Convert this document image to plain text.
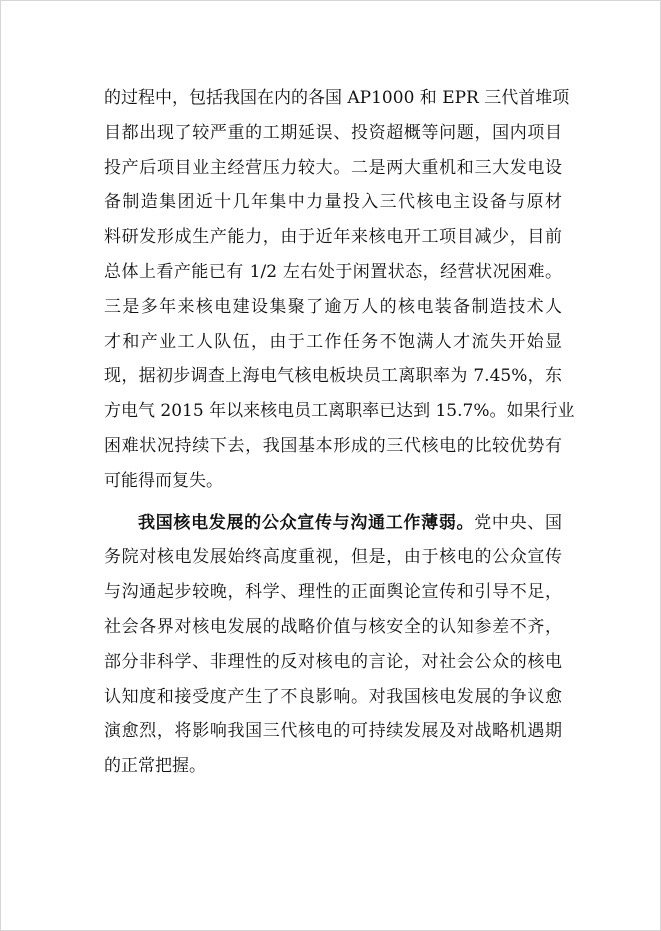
的过程中，包括我国在内的各国 AP1000 和 EPR 三代首堆项
目都出现了较严重的工期延误、投资超概等问题，国内项目
投产后项目业主经营压力较大。二是两大重机和三大发电设
备制造集团近十几年集中力量投入三代核电主设备与原材
料研发形成生产能力，由于近年来核电开工项目减少，目前
总体上看产能已有 1/2 左右处于闲置状态，经营状况困难。
三是多年来核电建设集聚了逾万人的核电装备制造技术人
才和产业工人队伍，由于工作任务不饱满人才流失开始显
现，据初步调查上海电气核电板块员工离职率为 7.45%，东
方电气 2015 年以来核电员工离职率已达到 15.7%。如果行业
困难状况持续下去，我国基本形成的三代核电的比较优势有
可能得而复失。
我国核电发展的公众宣传与沟通工作薄弱。党中央、国
务院对核电发展始终高度重视，但是，由于核电的公众宣传
与沟通起步较晚，科学、理性的正面舆论宣传和引导不足，
社会各界对核电发展的战略价值与核安全的认知参差不齐，
部分非科学、非理性的反对核电的言论，对社会公众的核电
认知度和接受度产生了不良影响。对我国核电发展的争议愈
演愈烈，将影响我国三代核电的可持续发展及对战略机遇期
的正常把握。
